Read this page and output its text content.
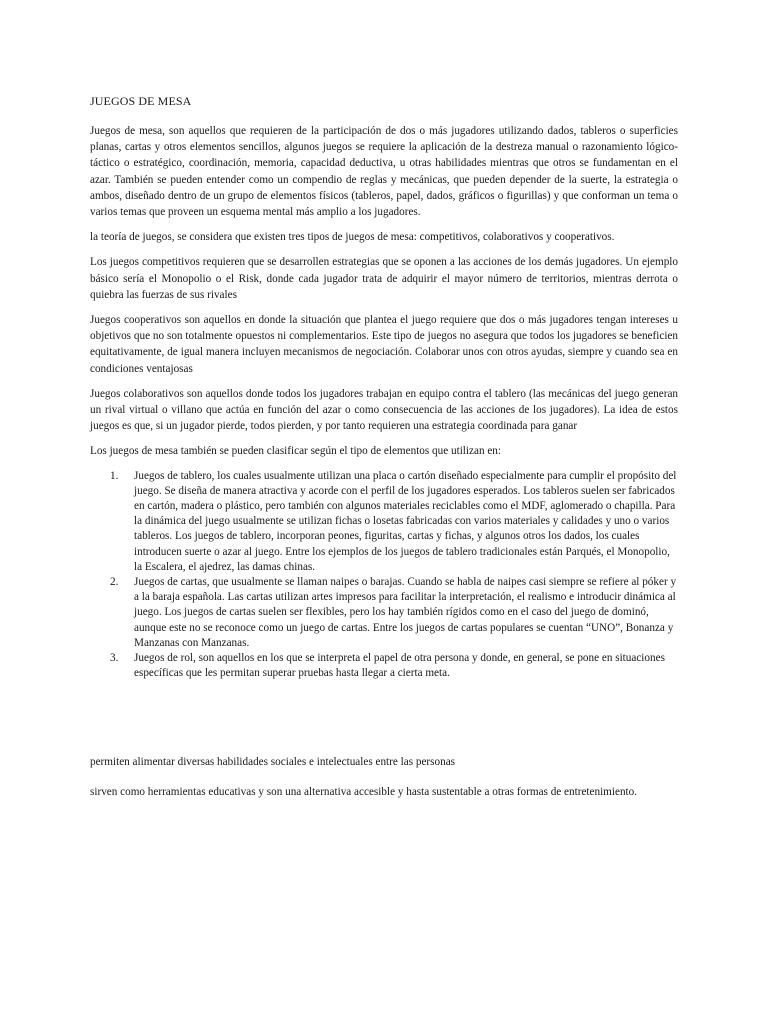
JUEGOS DE MESA

Juegos de mesa, son aquellos que requieren de la participación de dos o más jugadores utilizando dados, tableros o superficies planas, cartas y otros elementos sencillos, algunos juegos se requiere la aplicación de la destreza manual o razonamiento lógico-táctico o estratégico, coordinación, memoria, capacidad deductiva, u otras habilidades mientras que otros se fundamentan en el azar. También se pueden entender como un compendio de reglas y mecánicas, que pueden depender de la suerte, la estrategia o ambos, diseñado dentro de un grupo de elementos físicos (tableros, papel, dados, gráficos o figurillas) y que conforman un tema o varios temas que proveen un esquema mental más amplio a los jugadores.

la teoría de juegos, se considera que existen tres tipos de juegos de mesa: competitivos, colaborativos y cooperativos.

Los juegos competitivos requieren que se desarrollen estrategias que se oponen a las acciones de los demás jugadores. Un ejemplo básico sería el Monopolio o el Risk, donde cada jugador trata de adquirir el mayor número de territorios, mientras derrota o quiebra las fuerzas de sus rivales

Juegos cooperativos son aquellos en donde la situación que plantea el juego requiere que dos o más jugadores tengan intereses u objetivos que no son totalmente opuestos ni complementarios. Este tipo de juegos no asegura que todos los jugadores se beneficien equitativamente, de igual manera incluyen mecanismos de negociación. Colaborar unos con otros ayudas, siempre y cuando sea en condiciones ventajosas

Juegos colaborativos son aquellos donde todos los jugadores trabajan en equipo contra el tablero (las mecánicas del juego generan un rival virtual o villano que actúa en función del azar o como consecuencia de las acciones de los jugadores). La idea de estos juegos es que, si un jugador pierde, todos pierden, y por tanto requieren una estrategia coordinada para ganar

Los juegos de mesa también se pueden clasificar según el tipo de elementos que utilizan en:

1. Juegos de tablero, los cuales usualmente utilizan una placa o cartón diseñado especialmente para cumplir el propósito del juego. Se diseña de manera atractiva y acorde con el perfil de los jugadores esperados. Los tableros suelen ser fabricados en cartón, madera o plástico, pero también con algunos materiales reciclables como el MDF, aglomerado o chapilla. Para la dinámica del juego usualmente se utilizan fichas o losetas fabricadas con varios materiales y calidades y uno o varios tableros. Los juegos de tablero, incorporan peones, figuritas, cartas y fichas, y algunos otros los dados, los cuales introducen suerte o azar al juego. Entre los ejemplos de los juegos de tablero tradicionales están Parqués, el Monopolio, la Escalera, el ajedrez, las damas chinas.
2. Juegos de cartas, que usualmente se llaman naipes o barajas. Cuando se habla de naipes casi siempre se refiere al póker y a la baraja española. Las cartas utilizan artes impresos para facilitar la interpretación, el realismo e introducir dinámica al juego. Los juegos de cartas suelen ser flexibles, pero los hay también rígidos como en el caso del juego de dominó, aunque este no se reconoce como un juego de cartas. Entre los juegos de cartas populares se cuentan “UNO”, Bonanza y Manzanas con Manzanas.
3. Juegos de rol, son aquellos en los que se interpreta el papel de otra persona y donde, en general, se pone en situaciones específicas que les permitan superar pruebas hasta llegar a cierta meta.

permiten alimentar diversas habilidades sociales e intelectuales entre las personas

sirven como herramientas educativas y son una alternativa accesible y hasta sustentable a otras formas de entretenimiento.
